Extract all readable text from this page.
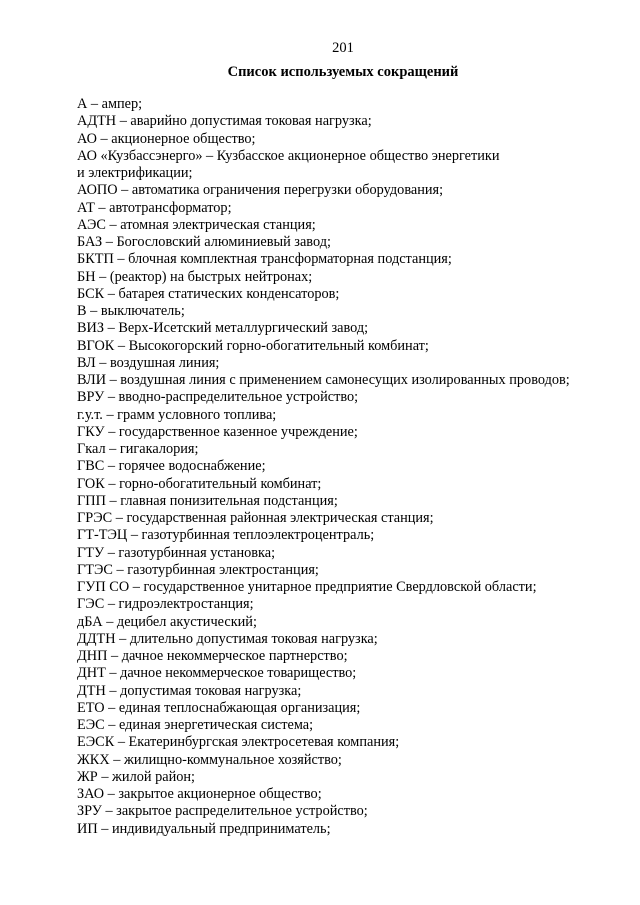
201
Список используемых сокращений
А – ампер;
АДТН – аварийно допустимая токовая нагрузка;
АО – акционерное общество;
АО «Кузбассэнерго» – Кузбасское акционерное общество энергетики
и электрификации;
АОПО – автоматика ограничения перегрузки оборудования;
АТ – автотрансформатор;
АЭС – атомная электрическая станция;
БАЗ – Богословский алюминиевый завод;
БКТП – блочная комплектная трансформаторная подстанция;
БН – (реактор) на быстрых нейтронах;
БСК – батарея статических конденсаторов;
В – выключатель;
ВИЗ – Верх-Исетский металлургический завод;
ВГОК – Высокогорский горно-обогатительный комбинат;
ВЛ – воздушная линия;
ВЛИ – воздушная линия с применением самонесущих изолированных проводов;
ВРУ – вводно-распределительное устройство;
г.у.т. – грамм условного топлива;
ГКУ – государственное казенное учреждение;
Гкал – гигакалория;
ГВС – горячее водоснабжение;
ГОК – горно-обогатительный комбинат;
ГПП – главная понизительная подстанция;
ГРЭС – государственная районная электрическая станция;
ГТ-ТЭЦ – газотурбинная теплоэлектроцентраль;
ГТУ – газотурбинная установка;
ГТЭС – газотурбинная электростанция;
ГУП СО – государственное унитарное предприятие Свердловской области;
ГЭС – гидроэлектростанция;
дБА – децибел акустический;
ДДТН – длительно допустимая токовая нагрузка;
ДНП – дачное некоммерческое партнерство;
ДНТ – дачное некоммерческое товарищество;
ДТН – допустимая токовая нагрузка;
ЕТО – единая теплоснабжающая организация;
ЕЭС – единая энергетическая система;
ЕЭСК – Екатеринбургская электросетевая компания;
ЖКХ – жилищно-коммунальное хозяйство;
ЖР – жилой район;
ЗАО – закрытое акционерное общество;
ЗРУ – закрытое распределительное устройство;
ИП – индивидуальный предприниматель;
